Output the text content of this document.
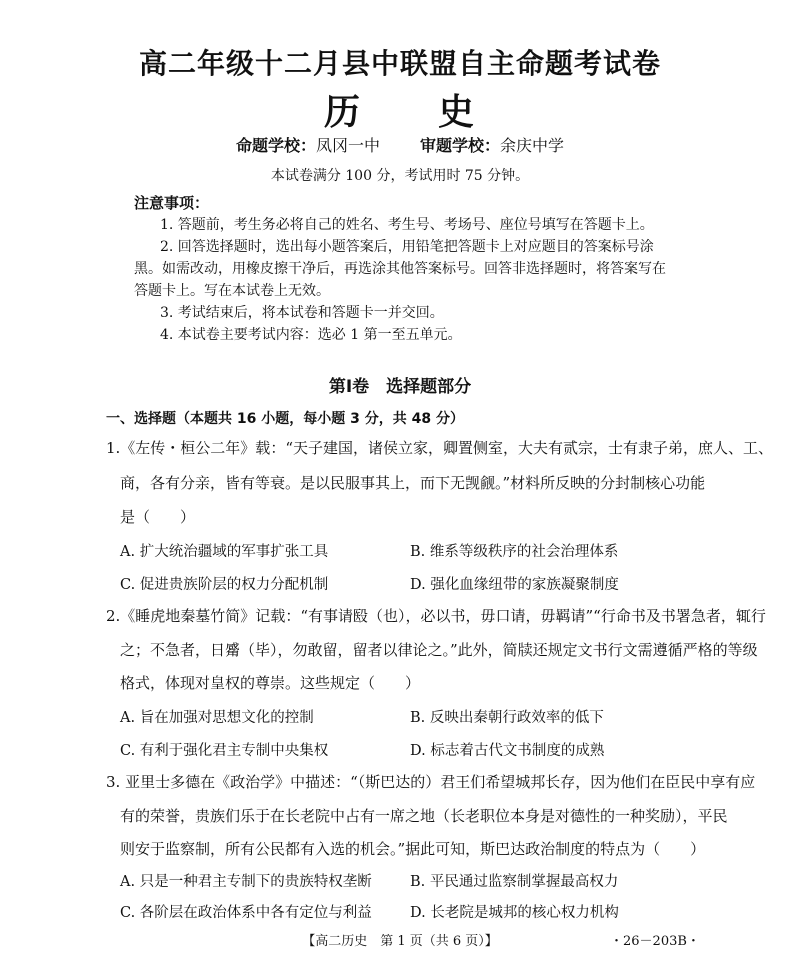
高二年级十二月县中联盟自主命题考试卷
历　　史
命题学校：凤冈一中	审题学校：余庆中学
本试卷满分 100 分，考试用时 75 分钟。
注意事项：
1. 答题前，考生务必将自己的姓名、考生号、考场号、座位号填写在答题卡上。
2. 回答选择题时，选出每小题答案后，用铅笔把答题卡上对应题目的答案标号涂
黑。如需改动，用橡皮擦干净后，再选涂其他答案标号。回答非选择题时，将答案写在
答题卡上。写在本试卷上无效。
3. 考试结束后，将本试卷和答题卡一并交回。
4. 本试卷主要考试内容：选必 1 第一至五单元。
第Ⅰ卷　选择题部分
一、选择题（本题共 16 小题，每小题 3 分，共 48 分）
1.《左传・桓公二年》载：“天子建国，诸侯立家，卿置侧室，大夫有贰宗，士有隶子弟，庶人、工、
商，各有分亲，皆有等衰。是以民服事其上，而下无觊觎。”材料所反映的分封制核心功能
是（　　）
A. 扩大统治疆域的军事扩张工具	B. 维系等级秩序的社会治理体系
C. 促进贵族阶层的权力分配机制	D. 强化血缘纽带的家族凝聚制度
2.《睡虎地秦墓竹简》记载：“有事请殹（也），必以书，毋口请，毋羁请”“行命书及书署急者，辄行
之；不急者，日觱（毕），勿敢留，留者以律论之。”此外，简牍还规定文书行文需遵循严格的等级
格式，体现对皇权的尊崇。这些规定（　　）
A. 旨在加强对思想文化的控制	B. 反映出秦朝行政效率的低下
C. 有利于强化君主专制中央集权	D. 标志着古代文书制度的成熟
3. 亚里士多德在《政治学》中描述：“（斯巴达的）君王们希望城邦长存，因为他们在臣民中享有应
有的荣誉，贵族们乐于在长老院中占有一席之地（长老职位本身是对德性的一种奖励），平民
则安于监察制，所有公民都有入选的机会。”据此可知，斯巴达政治制度的特点为（　　）
A. 只是一种君主专制下的贵族特权垄断	B. 平民通过监察制掌握最高权力
C. 各阶层在政治体系中各有定位与利益	D. 长老院是城邦的核心权力机构
【高二历史　第 1 页（共 6 页）】	・26－203B・
